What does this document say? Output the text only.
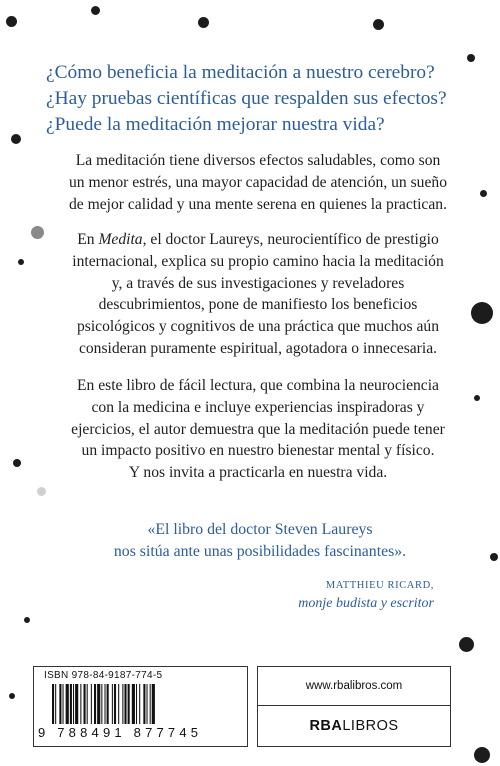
¿Cómo beneficia la meditación a nuestro cerebro?
¿Hay pruebas científicas que respalden sus efectos?
¿Puede la meditación mejorar nuestra vida?
La meditación tiene diversos efectos saludables, como son
un menor estrés, una mayor capacidad de atención, un sueño
de mejor calidad y una mente serena en quienes la practican.
En Medita, el doctor Laureys, neurocientífico de prestigio
internacional, explica su propio camino hacia la meditación
y, a través de sus investigaciones y reveladores
descubrimientos, pone de manifiesto los beneficios
psicológicos y cognitivos de una práctica que muchos aún
consideran puramente espiritual, agotadora o innecesaria.
En este libro de fácil lectura, que combina la neurociencia
con la medicina e incluye experiencias inspiradoras y
ejercicios, el autor demuestra que la meditación puede tener
un impacto positivo en nuestro bienestar mental y físico.
Y nos invita a practicarla en nuestra vida.
«El libro del doctor Steven Laureys
nos sitúa ante unas posibilidades fascinantes».
MATTHIEU RICARD,
monje budista y escritor
ISBN 978-84-9187-774-5
9 788491 877745
www.rbalibros.com
RBALIBROS
